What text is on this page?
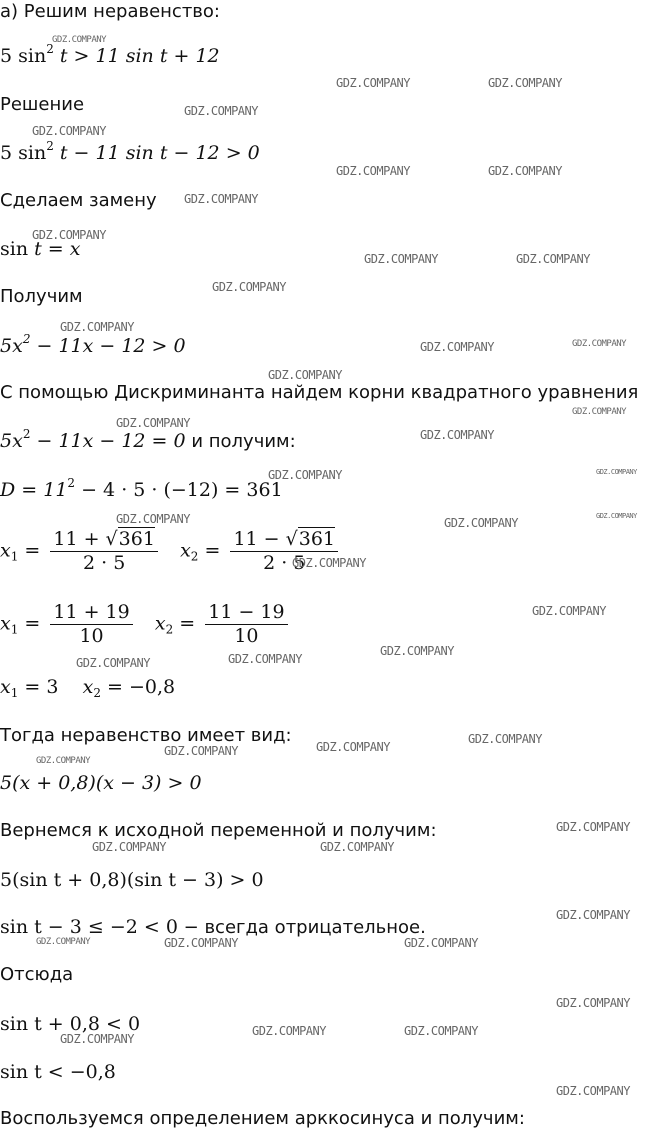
а) Решим неравенство:
5 $\sin^2 t > 11$ sin t + 12
Решение
5 $\sin^2 t - 11$ sin t − 12 > 0
Сделаем замену
sin t = x
Получим
$5x^2 - 11x - 12 > 0$
С помощью Дискриминанта найдем корни квадратного уравнения
$5x^2 - 11x - 12 = 0$ и получим:
$D = 11^2 - 4 \cdot 5 \cdot (-12) = 361$
$x_1 = \frac{11 + √361}{2 \cdot 5} x_2 = \frac{11 - √361}{2 \cdot 5}$
$x_1 = \frac{11 + 19}{10} x_2 = \frac{11 - 19}{10}$
$x_1 = 3$ $x_2 = -0,8$
Тогда неравенство имеет вид:
5(x + 0,8)(x − 3) > 0
Вернемся к исходной переменной и получим:
5(sin t + 0,8)(sin t − 3) > 0
sin t − 3 ≤ −2 < 0 − всегда отрицательное.
Отсюда
sin t + 0,8 < 0
sin t < −0,8
Воспользуемся определением арккосинуса и получим:
GDZ.COMPANY
GDZ.COMPANY	GDZ.COMPANY
GDZ.COMPANY
GDZ.COMPANY
GDZ.COMPANY	GDZ.COMPANY
GDZ.COMPANY
GDZ.COMPANY
GDZ.COMPANY	GDZ.COMPANY
GDZ.COMPANY
GDZ.COMPANY
GDZ.COMPANY	GDZ.COMPANY
GDZ.COMPANY
GDZ.COMPANY
GDZ.COMPANY
GDZ.COMPANY
GDZ.COMPANY	GDZ.COMPANY
GDZ.COMPANY	GDZ.COMPANY
GDZ.COMPANY
GDZ.COMPANY
GDZ.COMPANY
GDZ.COMPANY
GDZ.COMPANY
GDZ.COMPANY
GDZ.COMPANY
GDZ.COMPANY
GDZ.COMPANY
GDZ.COMPANY
GDZ.COMPANY
GDZ.COMPANY	GDZ.COMPANY
GDZ.COMPANY
GDZ.COMPANY	GDZ.COMPANY	GDZ.COMPANY
GDZ.COMPANY
GDZ.COMPANY	GDZ.COMPANY
GDZ.COMPANY
GDZ.COMPANY
